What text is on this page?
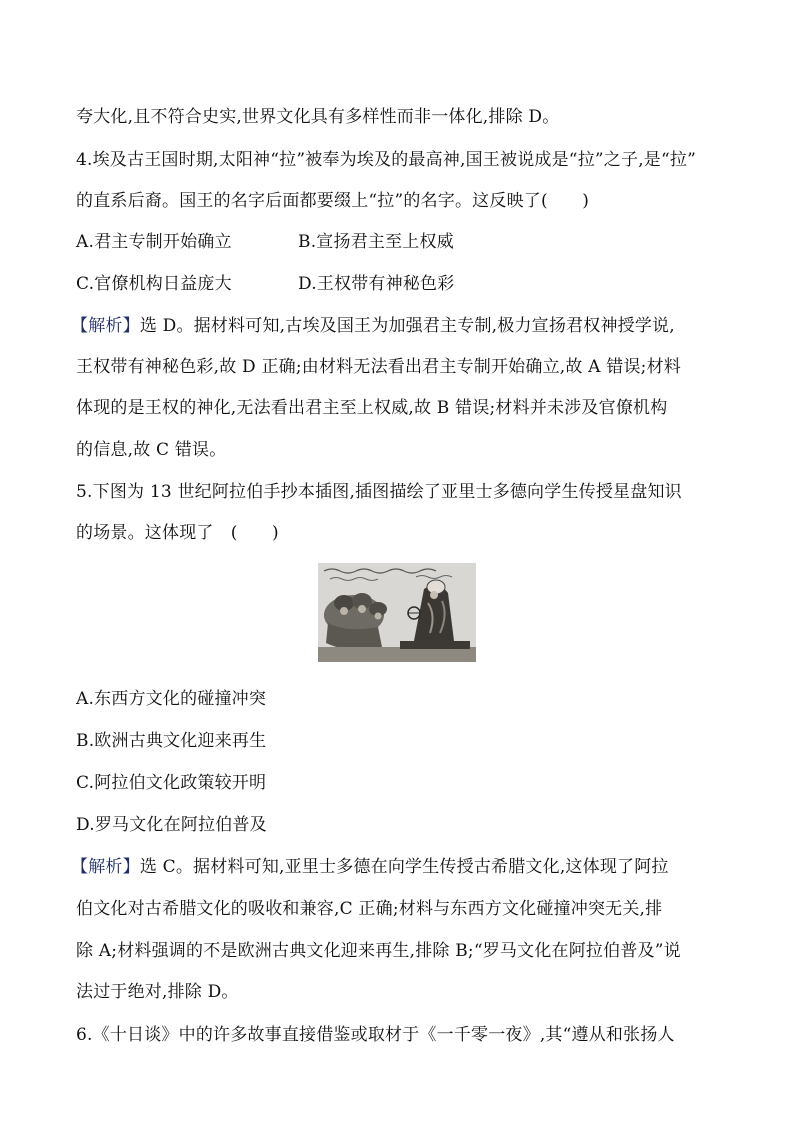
夸大化,且不符合史实,世界文化具有多样性而非一体化,排除 D。
4.埃及古王国时期,太阳神“拉”被奉为埃及的最高神,国王被说成是“拉”之子,是“拉”
的直系后裔。国王的名字后面都要缀上“拉”的名字。这反映了(　　)
A.君主专制开始确立	B.宣扬君主至上权威
C.官僚机构日益庞大	D.王权带有神秘色彩
【解析】选 D。据材料可知,古埃及国王为加强君主专制,极力宣扬君权神授学说,
王权带有神秘色彩,故 D 正确;由材料无法看出君主专制开始确立,故 A 错误;材料
体现的是王权的神化,无法看出君主至上权威,故 B 错误;材料并未涉及官僚机构
的信息,故 C 错误。
5.下图为 13 世纪阿拉伯手抄本插图,插图描绘了亚里士多德向学生传授星盘知识
的场景。这体现了　(　　)
A.东西方文化的碰撞冲突
B.欧洲古典文化迎来再生
C.阿拉伯文化政策较开明
D.罗马文化在阿拉伯普及
【解析】选 C。据材料可知,亚里士多德在向学生传授古希腊文化,这体现了阿拉
伯文化对古希腊文化的吸收和兼容,C 正确;材料与东西方文化碰撞冲突无关,排
除 A;材料强调的不是欧洲古典文化迎来再生,排除 B;“罗马文化在阿拉伯普及”说
法过于绝对,排除 D。
6.《十日谈》中的许多故事直接借鉴或取材于《一千零一夜》,其“遵从和张扬人
